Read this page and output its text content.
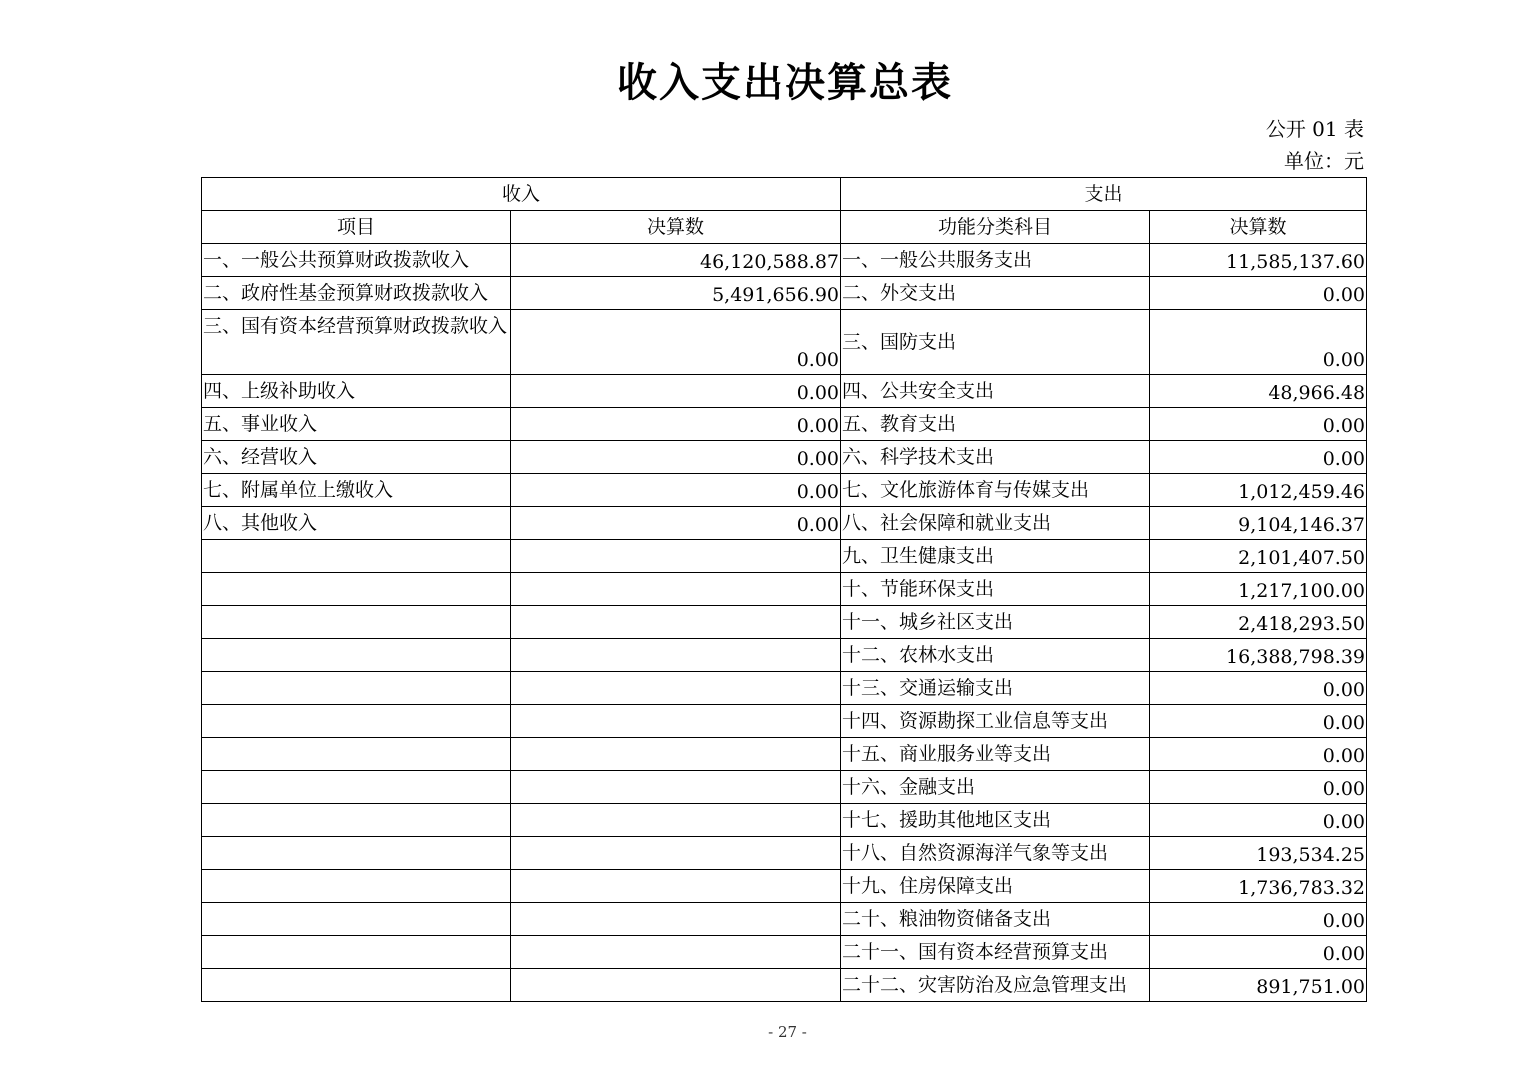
收入支出决算总表
公开 01 表
单位：元
收入		支出	
项目	决算数	功能分类科目	决算数
一、一般公共预算财政拨款收入	46,120,588.87	一、一般公共服务支出	11,585,137.60
二、政府性基金预算财政拨款收入	5,491,656.90	二、外交支出	0.00
三、国有资本经营预算财政拨款收入	0.00	三、国防支出	0.00
四、上级补助收入	0.00	四、公共安全支出	48,966.48
五、事业收入	0.00	五、教育支出	0.00
六、经营收入	0.00	六、科学技术支出	0.00
七、附属单位上缴收入	0.00	七、文化旅游体育与传媒支出	1,012,459.46
八、其他收入	0.00	八、社会保障和就业支出	9,104,146.37
		九、卫生健康支出	2,101,407.50
		十、节能环保支出	1,217,100.00
		十一、城乡社区支出	2,418,293.50
		十二、农林水支出	16,388,798.39
		十三、交通运输支出	0.00
		十四、资源勘探工业信息等支出	0.00
		十五、商业服务业等支出	0.00
		十六、金融支出	0.00
		十七、援助其他地区支出	0.00
		十八、自然资源海洋气象等支出	193,534.25
		十九、住房保障支出	1,736,783.32
		二十、粮油物资储备支出	0.00
		二十一、国有资本经营预算支出	0.00
		二十二、灾害防治及应急管理支出	891,751.00
- 27 -
